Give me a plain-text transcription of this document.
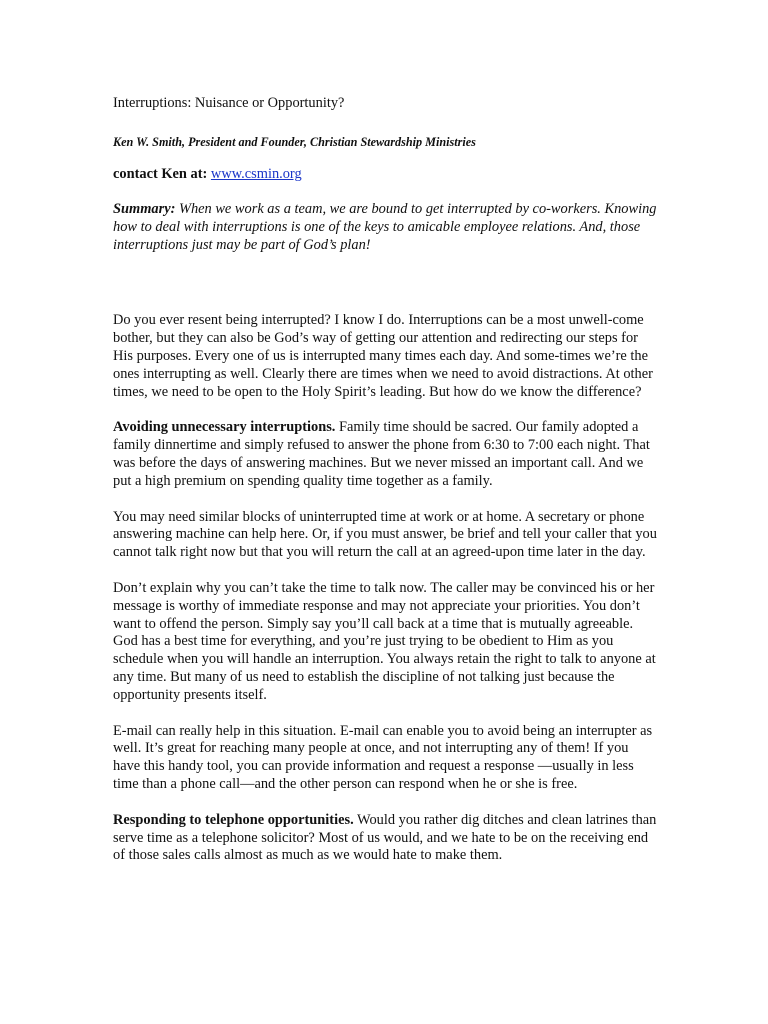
Interruptions: Nuisance or Opportunity?

Ken W. Smith, President and Founder, Christian Stewardship Ministries

contact Ken at: www.csmin.org

Summary: When we work as a team, we are bound to get interrupted by co-workers. Knowing how to deal with interruptions is one of the keys to amicable employee relations. And, those interruptions just may be part of God’s plan!

Do you ever resent being interrupted? I know I do. Interruptions can be a most unwell-come bother, but they can also be God’s way of getting our attention and redirecting our steps for His purposes. Every one of us is interrupted many times each day. And some-times we’re the ones interrupting as well. Clearly there are times when we need to avoid distractions. At other times, we need to be open to the Holy Spirit’s leading. But how do we know the difference?

Avoiding unnecessary interruptions. Family time should be sacred. Our family adopted a family dinnertime and simply refused to answer the phone from 6:30 to 7:00 each night. That was before the days of answering machines. But we never missed an important call. And we put a high premium on spending quality time together as a family.

You may need similar blocks of uninterrupted time at work or at home. A secretary or phone answering machine can help here. Or, if you must answer, be brief and tell your caller that you cannot talk right now but that you will return the call at an agreed-upon time later in the day.

Don’t explain why you can’t take the time to talk now. The caller may be convinced his or her message is worthy of immediate response and may not appreciate your priorities. You don’t want to offend the person. Simply say you’ll call back at a time that is mutually agreeable. God has a best time for everything, and you’re just trying to be obedient to Him as you schedule when you will handle an interruption. You always retain the right to talk to anyone at any time. But many of us need to establish the discipline of not talking just because the opportunity presents itself.

E-mail can really help in this situation. E-mail can enable you to avoid being an interrupter as well. It’s great for reaching many people at once, and not interrupting any of them! If you have this handy tool, you can provide information and request a response —usually in less time than a phone call—and the other person can respond when he or she is free.

Responding to telephone opportunities. Would you rather dig ditches and clean latrines than serve time as a telephone solicitor? Most of us would, and we hate to be on the receiving end of those sales calls almost as much as we would hate to make them.
